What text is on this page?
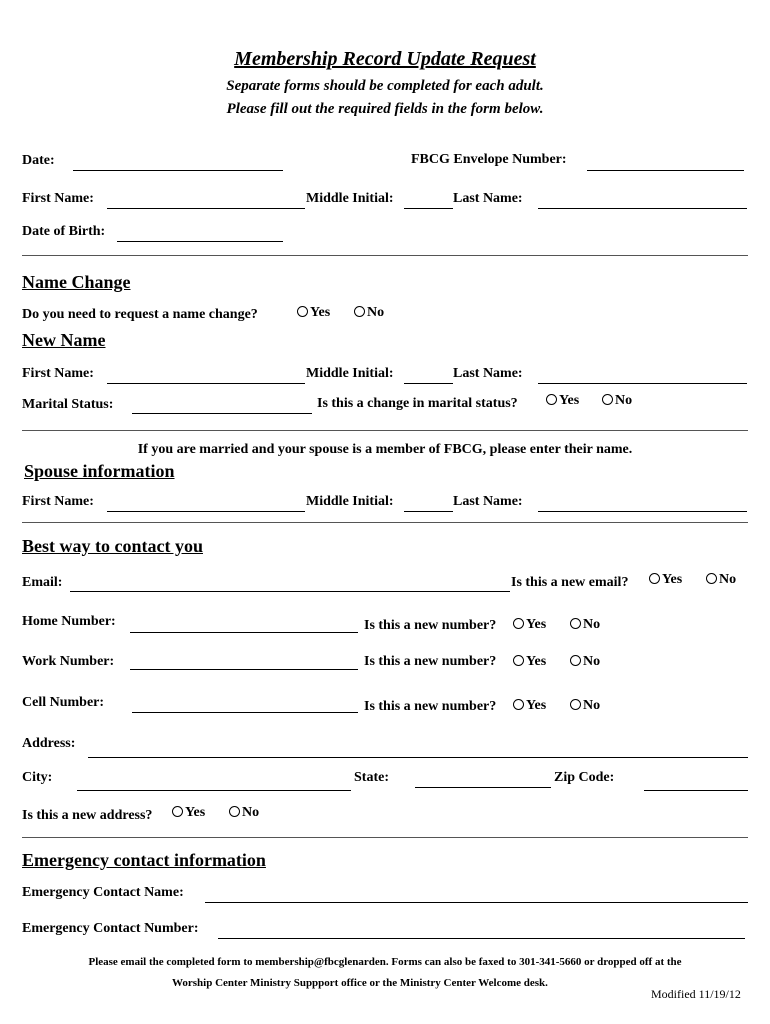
Membership Record Update Request
Separate forms should be completed for each adult.
Please fill out the required fields in the form below.
Date:	FBCG Envelope Number:
First Name:	Middle Initial:	Last Name:
Date of Birth:
Name Change
Do you need to request a name change?	Yes	No
New Name
First Name:	Middle Initial:	Last Name:
Marital Status:	Is this a change in marital status?	Yes	No
If you are married and your spouse is a member of FBCG, please enter their name.
Spouse information
First Name:	Middle Initial:	Last Name:
Best way to contact you
Email:	Is this a new email?	Yes	No
Home Number:	Is this a new number?	Yes	No
Work Number:	Is this a new number?	Yes	No
Cell Number:	Is this a new number?	Yes	No
Address:
City:	State:	Zip Code:
Is this a new address?	Yes	No
Emergency contact information
Emergency Contact Name:
Emergency Contact Number:
Please email the completed form to membership@fbcglenarden. Forms can also be faxed to 301-341-5660 or dropped off at the
Worship Center Ministry Suppport office or the Ministry Center Welcome desk.
Modified 11/19/12
